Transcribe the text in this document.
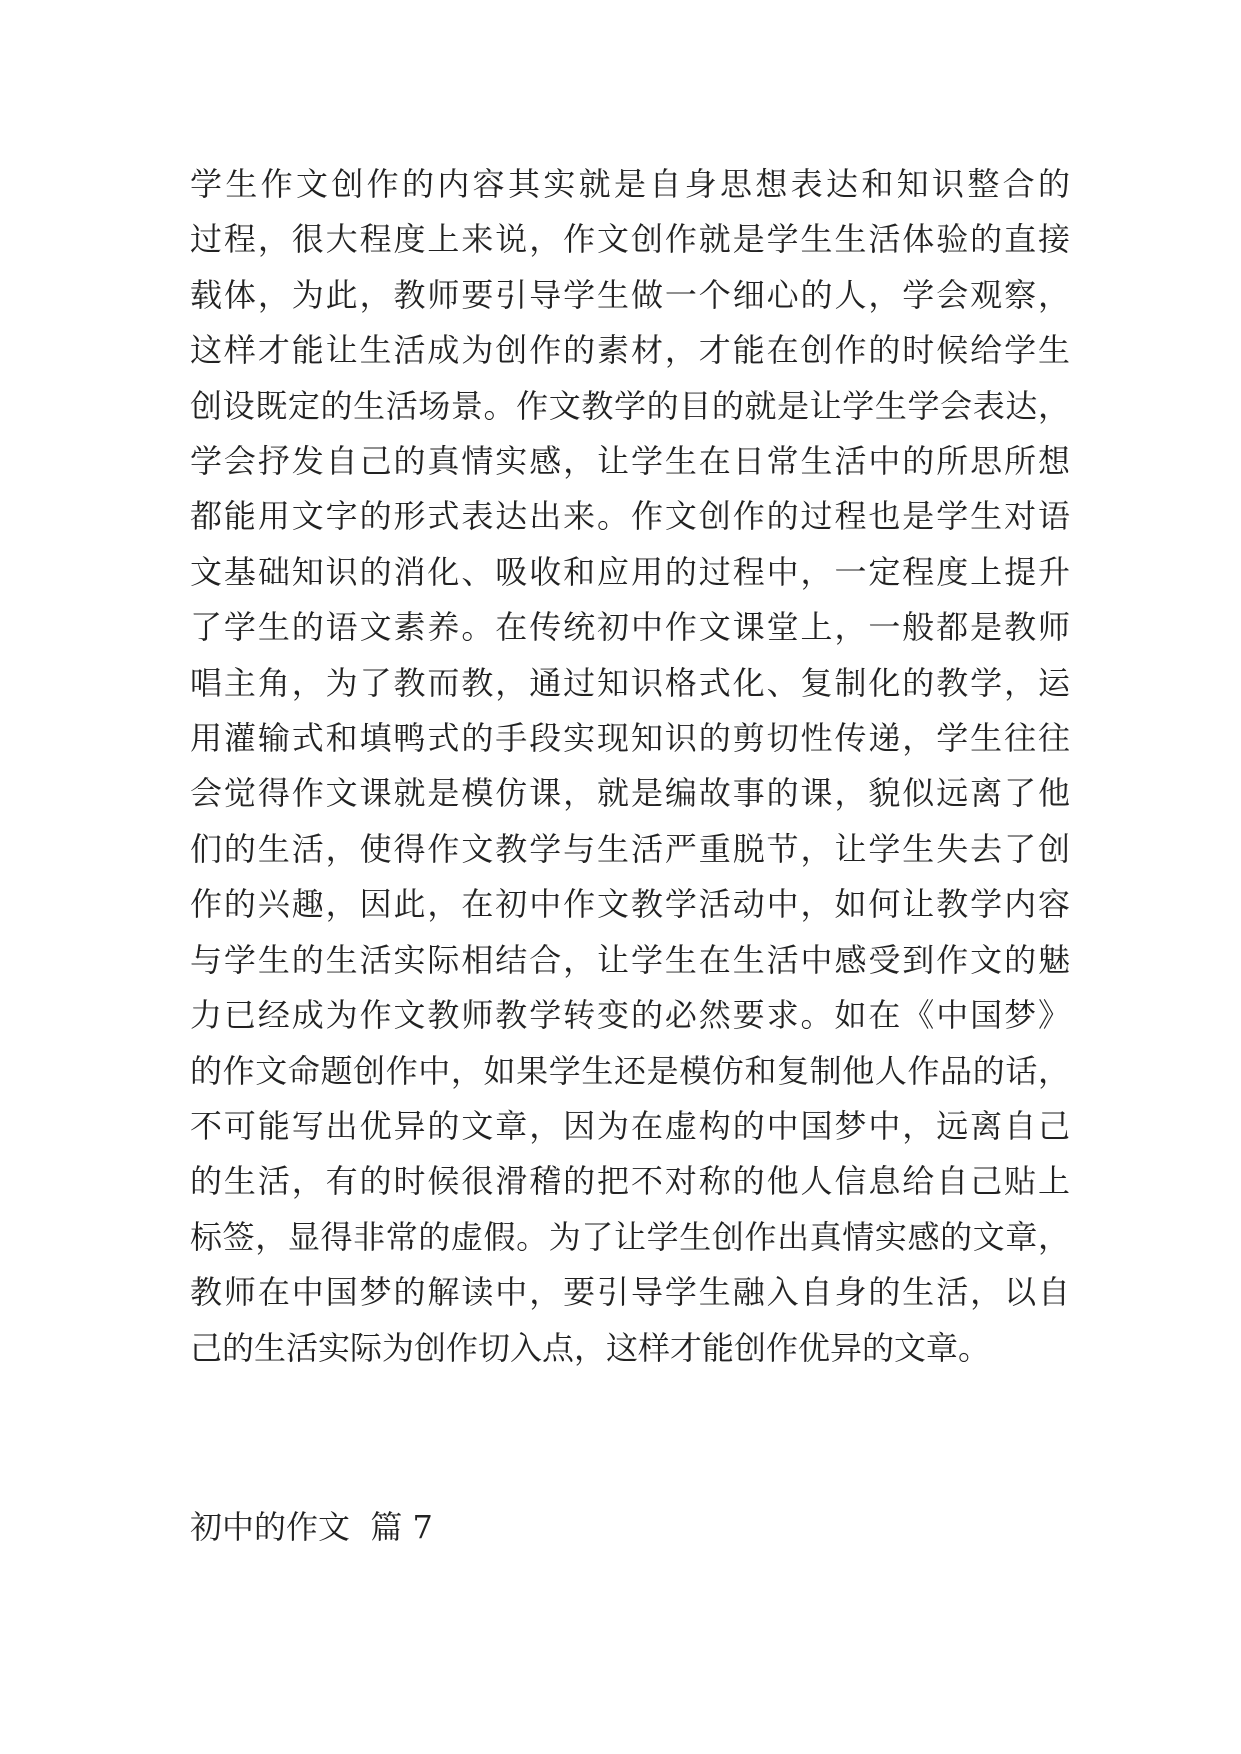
学生作文创作的内容其实就是自身思想表达和知识整合的
过程，很大程度上来说，作文创作就是学生生活体验的直接
载体，为此，教师要引导学生做一个细心的人，学会观察，
这样才能让生活成为创作的素材，才能在创作的时候给学生
创设既定的生活场景。作文教学的目的就是让学生学会表达，
学会抒发自己的真情实感，让学生在日常生活中的所思所想
都能用文字的形式表达出来。作文创作的过程也是学生对语
文基础知识的消化、吸收和应用的过程中，一定程度上提升
了学生的语文素养。在传统初中作文课堂上，一般都是教师
唱主角，为了教而教，通过知识格式化、复制化的教学，运
用灌输式和填鸭式的手段实现知识的剪切性传递，学生往往
会觉得作文课就是模仿课，就是编故事的课，貌似远离了他
们的生活，使得作文教学与生活严重脱节，让学生失去了创
作的兴趣，因此，在初中作文教学活动中，如何让教学内容
与学生的生活实际相结合，让学生在生活中感受到作文的魅
力已经成为作文教师教学转变的必然要求。如在《中国梦》
的作文命题创作中，如果学生还是模仿和复制他人作品的话，
不可能写出优异的文章，因为在虚构的中国梦中，远离自己
的生活，有的时候很滑稽的把不对称的他人信息给自己贴上
标签，显得非常的虚假。为了让学生创作出真情实感的文章，
教师在中国梦的解读中，要引导学生融入自身的生活，以自
己的生活实际为创作切入点，这样才能创作优异的文章。
初中的作文  篇 7
